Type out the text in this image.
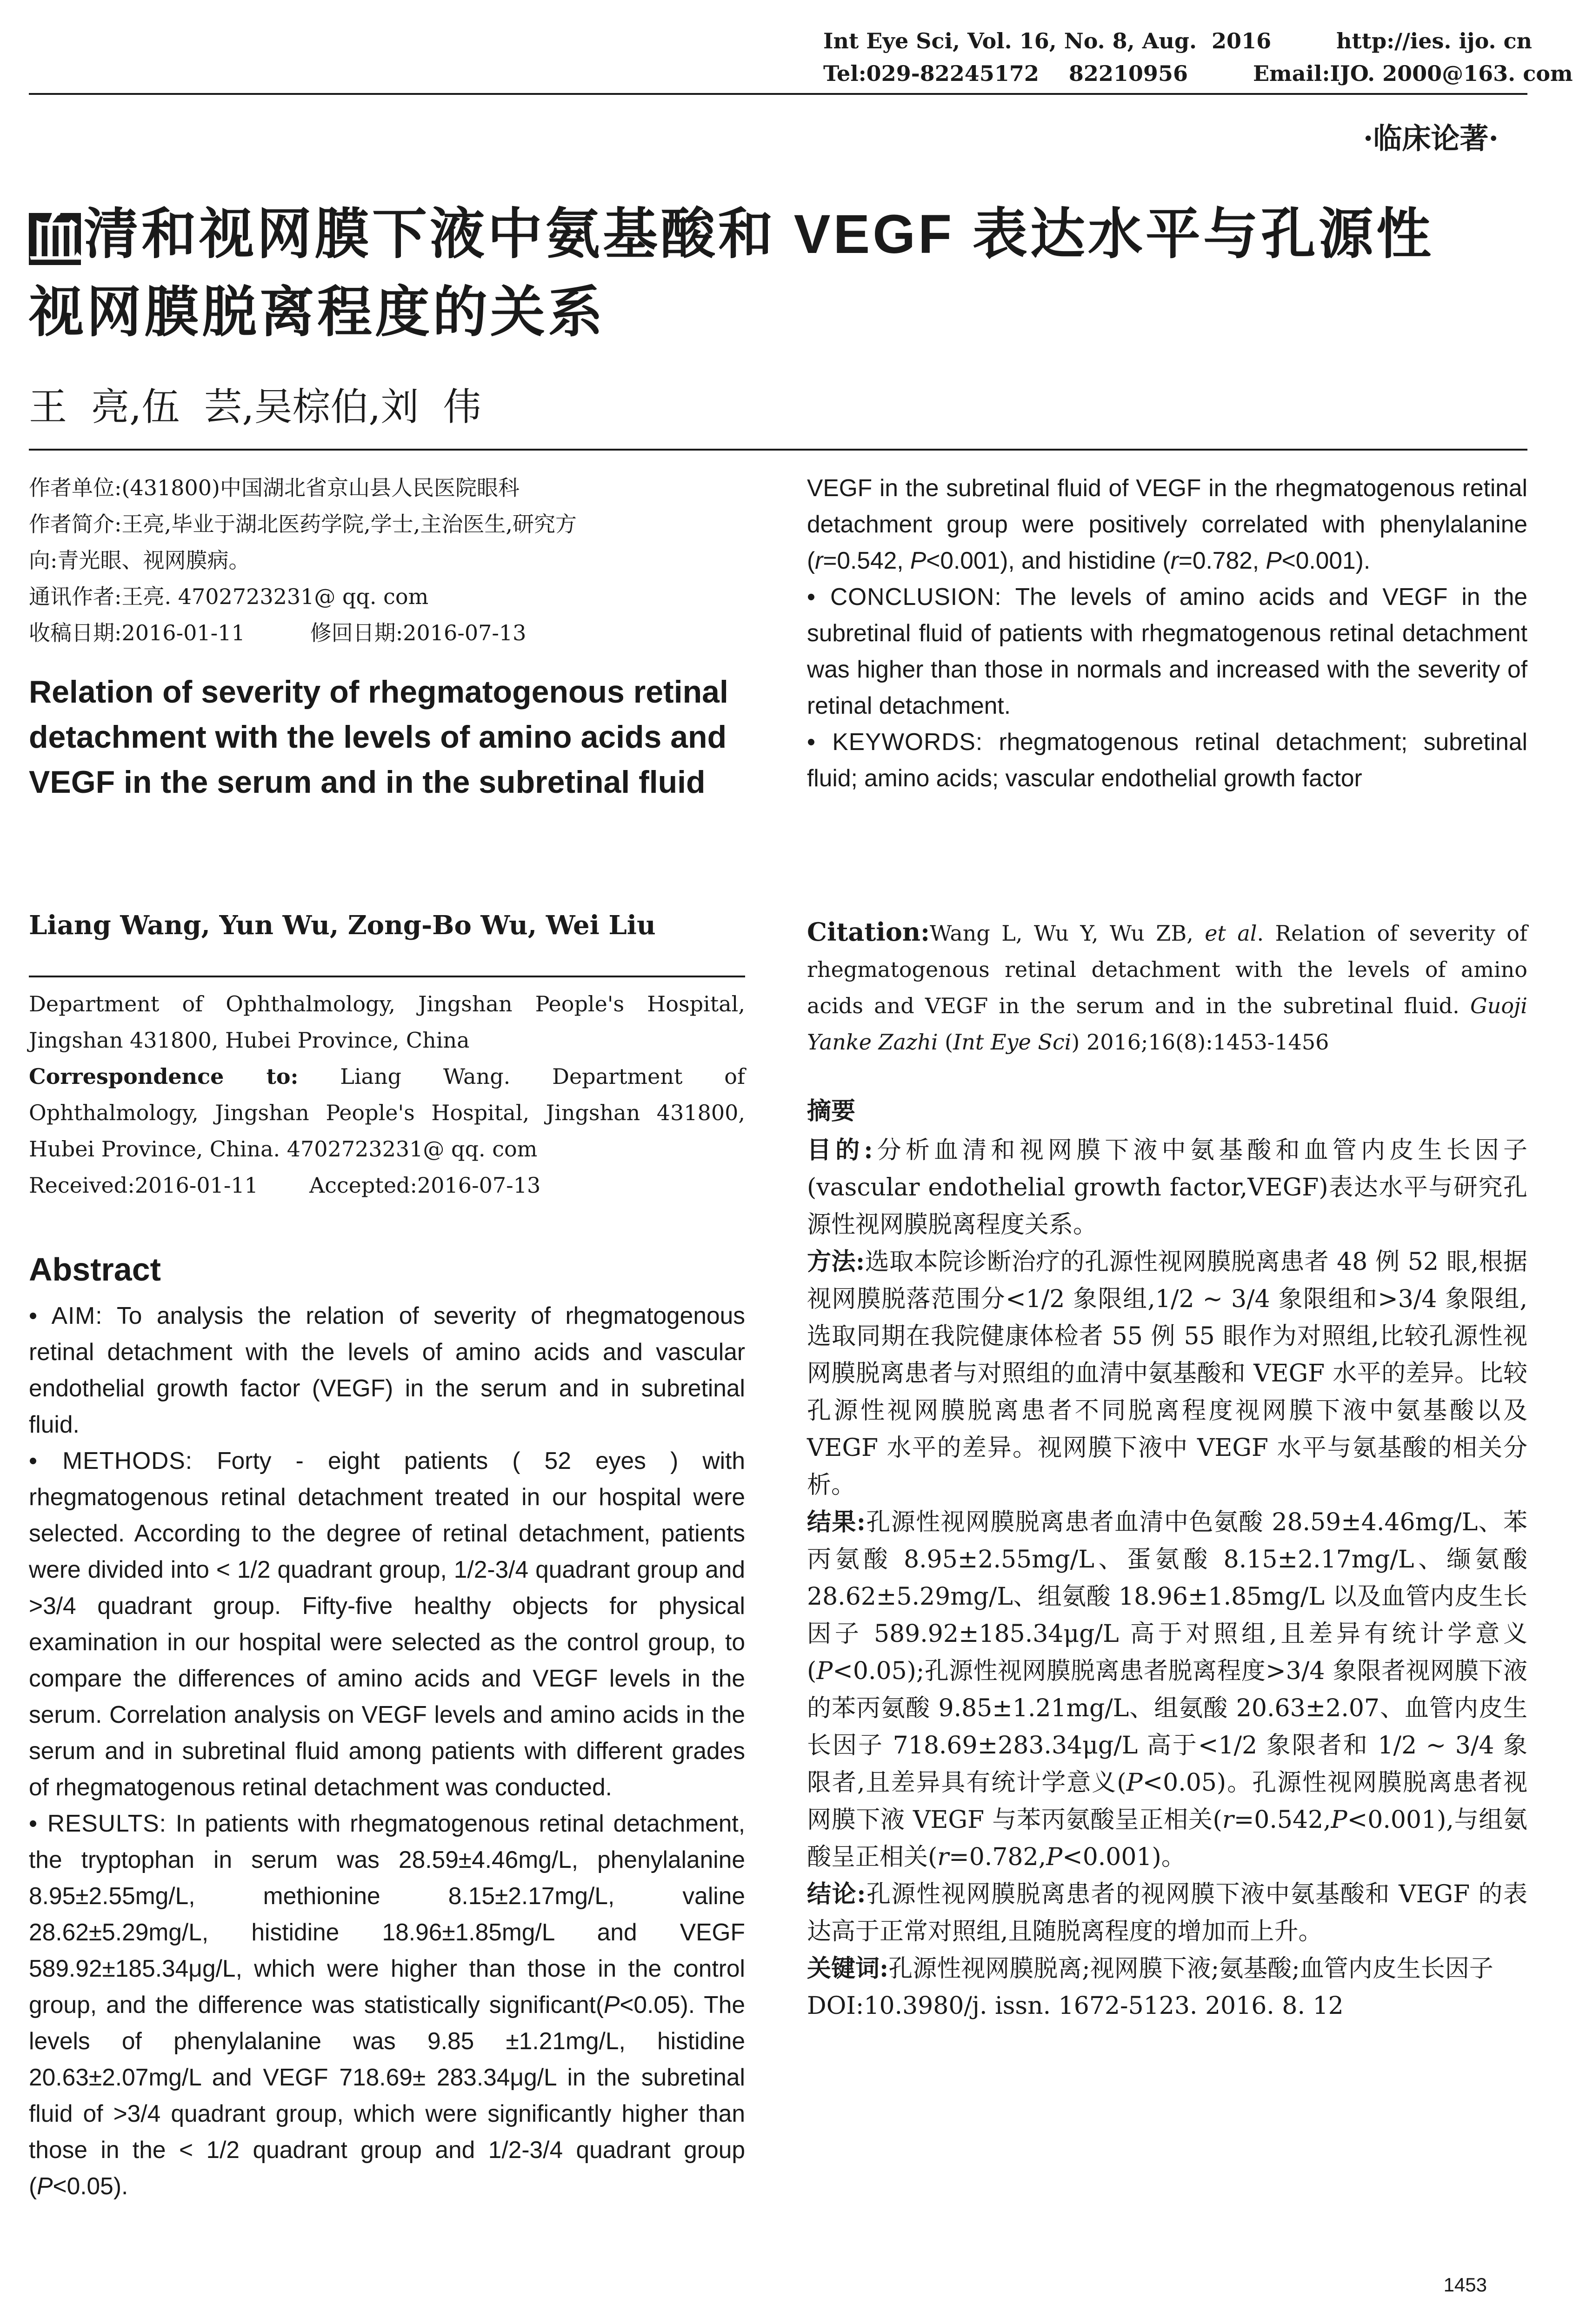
Int Eye Sci, Vol. 16, No. 8, Aug.  2016	http://ies. ijo. cn
Tel:029-82245172    82210956	Email:IJO. 2000@163. com
·临床论著·
血清和视网膜下液中氨基酸和 VEGF 表达水平与孔源性
视网膜脱离程度的关系
王  亮,伍  芸,吴棕伯,刘  伟
作者单位:(431800)中国湖北省京山县人民医院眼科
作者简介:王亮,毕业于湖北医药学院,学士,主治医生,研究方
向:青光眼、视网膜病。
通讯作者:王亮. 4702723231@ qq. com
收稿日期:2016-01-11	修回日期:2016-07-13
Relation of severity of rhegmatogenous retinal detachment with the levels of amino acids and VEGF in the serum and in the subretinal fluid
Liang Wang, Yun Wu, Zong-Bo Wu, Wei Liu
Department of Ophthalmology, Jingshan People's Hospital, Jingshan 431800, Hubei Province, China
Correspondence to: Liang Wang. Department of Ophthalmology, Jingshan People's Hospital, Jingshan 431800, Hubei Province, China. 4702723231@ qq. com
Received:2016-01-11 Accepted:2016-07-13
Abstract
• AIM: To analysis the relation of severity of rhegmatogenous retinal detachment with the levels of amino acids and vascular endothelial growth factor (VEGF) in the serum and in subretinal fluid.
• METHODS: Forty - eight patients ( 52 eyes ) with rhegmatogenous retinal detachment treated in our hospital were selected. According to the degree of retinal detachment, patients were divided into < 1/2 quadrant group, 1/2-3/4 quadrant group and >3/4 quadrant group. Fifty-five healthy objects for physical examination in our hospital were selected as the control group, to compare the differences of amino acids and VEGF levels in the serum. Correlation analysis on VEGF levels and amino acids in the serum and in subretinal fluid among patients with different grades of rhegmatogenous retinal detachment was conducted.
• RESULTS: In patients with rhegmatogenous retinal detachment, the tryptophan in serum was 28.59±4.46mg/L, phenylalanine 8.95±2.55mg/L, methionine 8.15±2.17mg/L, valine 28.62±5.29mg/L, histidine 18.96±1.85mg/L and VEGF 589.92±185.34μg/L, which were higher than those in the control group, and the difference was statistically significant(P<0.05). The levels of phenylalanine was 9.85 ±1.21mg/L, histidine 20.63±2.07mg/L and VEGF 718.69± 283.34μg/L in the subretinal fluid of >3/4 quadrant group, which were significantly higher than those in the < 1/2 quadrant group and 1/2-3/4 quadrant group (P<0.05).
VEGF in the subretinal fluid of VEGF in the rhegmatogenous retinal detachment group were positively correlated with phenylalanine (r=0.542, P<0.001), and histidine (r=0.782, P<0.001).
• CONCLUSION: The levels of amino acids and VEGF in the subretinal fluid of patients with rhegmatogenous retinal detachment was higher than those in normals and increased with the severity of retinal detachment.
• KEYWORDS: rhegmatogenous retinal detachment; subretinal fluid; amino acids; vascular endothelial growth factor
Citation:Wang L, Wu Y, Wu ZB, et al. Relation of severity of rhegmatogenous retinal detachment with the levels of amino acids and VEGF in the serum and in the subretinal fluid. Guoji Yanke Zazhi (Int Eye Sci) 2016;16(8):1453-1456
摘要
目的:分析血清和视网膜下液中氨基酸和血管内皮生长因子(vascular endothelial growth factor,VEGF)表达水平与研究孔源性视网膜脱离程度关系。
方法:选取本院诊断治疗的孔源性视网膜脱离患者 48 例 52 眼,根据视网膜脱落范围分<1/2 象限组,1/2 ~ 3/4 象限组和>3/4 象限组,选取同期在我院健康体检者 55 例 55 眼作为对照组,比较孔源性视网膜脱离患者与对照组的血清中氨基酸和 VEGF 水平的差异。比较孔源性视网膜脱离患者不同脱离程度视网膜下液中氨基酸以及 VEGF 水平的差异。视网膜下液中 VEGF 水平与氨基酸的相关分析。
结果:孔源性视网膜脱离患者血清中色氨酸 28.59±4.46mg/L、苯丙氨酸 8.95±2.55mg/L、蛋氨酸 8.15±2.17mg/L、缬氨酸 28.62±5.29mg/L、组氨酸 18.96±1.85mg/L 以及血管内皮生长因子 589.92±185.34μg/L 高于对照组,且差异有统计学意义(P<0.05);孔源性视网膜脱离患者脱离程度>3/4 象限者视网膜下液的苯丙氨酸 9.85±1.21mg/L、组氨酸 20.63±2.07、血管内皮生长因子 718.69±283.34μg/L 高于<1/2 象限者和 1/2 ~ 3/4 象限者,且差异具有统计学意义(P<0.05)。孔源性视网膜脱离患者视网膜下液 VEGF 与苯丙氨酸呈正相关(r=0.542,P<0.001),与组氨酸呈正相关(r=0.782,P<0.001)。
结论:孔源性视网膜脱离患者的视网膜下液中氨基酸和 VEGF 的表达高于正常对照组,且随脱离程度的增加而上升。
关键词:孔源性视网膜脱离;视网膜下液;氨基酸;血管内皮生长因子
DOI:10.3980/j. issn. 1672-5123. 2016. 8. 12
1453
